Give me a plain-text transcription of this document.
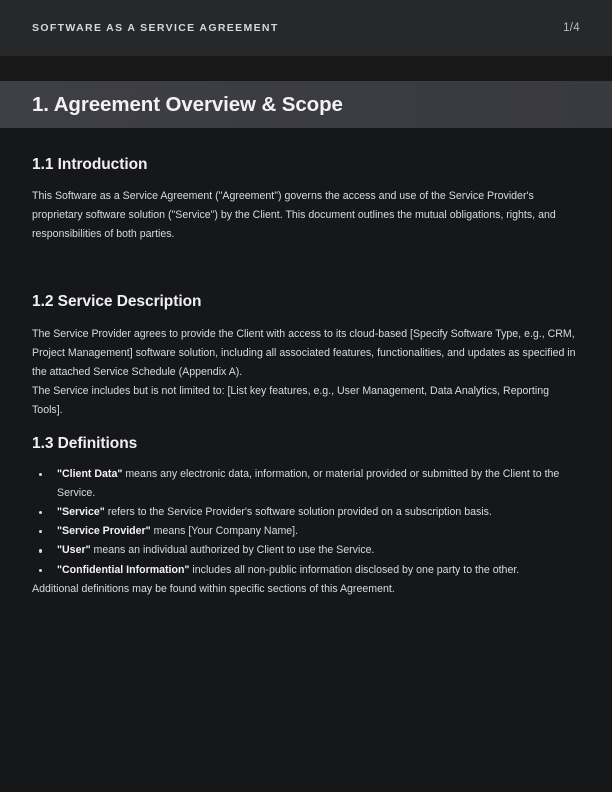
SOFTWARE AS A SERVICE AGREEMENT	1/4
1. Agreement Overview & Scope
1.1 Introduction

This Software as a Service Agreement ("Agreement") governs the access and use of the Service Provider's proprietary software solution ("Service") by the Client. This document outlines the mutual obligations, rights, and responsibilities of both parties.

1.2 Service Description

The Service Provider agrees to provide the Client with access to its cloud-based [Specify Software Type, e.g., CRM, Project Management] software solution, including all associated features, functionalities, and updates as specified in the attached Service Schedule (Appendix A).

The Service includes but is not limited to: [List key features, e.g., User Management, Data Analytics, Reporting Tools].

1.3 Definitions
"Client Data" means any electronic data, information, or material provided or submitted by the Client to the Service.
"Service" refers to the Service Provider's software solution provided on a subscription basis.
"Service Provider" means [Your Company Name].
"User" means an individual authorized by Client to use the Service.
"Confidential Information" includes all non-public information disclosed by one party to the other.

Additional definitions may be found within specific sections of this Agreement.
